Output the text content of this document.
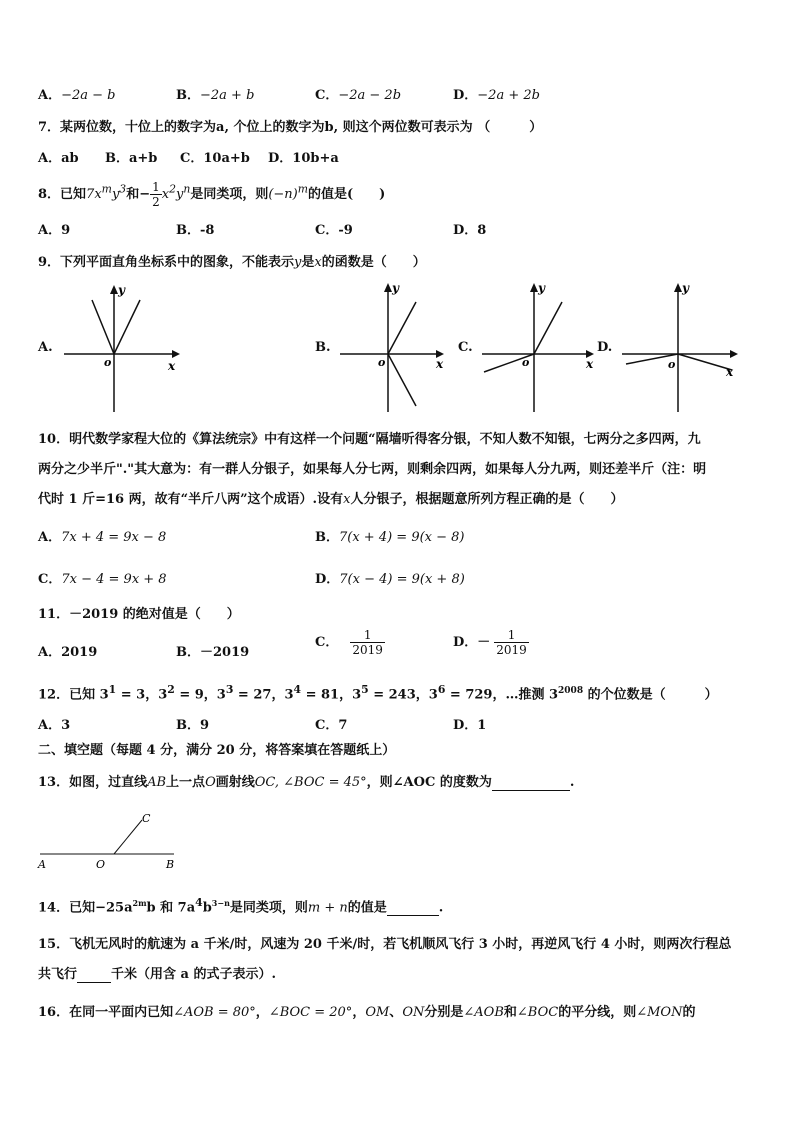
A．−2a − b	B．−2a + b	C．−2a − 2b	D．−2a + 2b
7．某两位数，十位上的数字为a, 个位上的数字为b, 则这个两位数可表示为 （　　　）
A．ab B．a+b C．10a+b D．10b+a
8．已知$7x^my^3$和− $\frac{1}{2} x^2y^n$是同类项，则$(-n)^m$的值是(　　)
A．9	B．-8	C．-9	D．8
9．下列平面直角坐标系中的图象，不能表示y是x的函数是（　　）
A.
y
x
o
B.
y
x
o
C.
y
x
o
D.
y
x
o
10．明代数学家程大位的《算法统宗》中有这样一个问题“隔墙听得客分银，不知人数不知银，七两分之多四两，九
两分之少半斤"."其大意为：有一群人分银子，如果每人分七两，则剩余四两，如果每人分九两，则还差半斤（注：明
代时 1 斤=16 两，故有“半斤八两”这个成语）.设有x人分银子，根据题意所列方程正确的是（　　）
A．7x + 4 = 9x − 8	B．7(x + 4) = 9(x − 8)
C．7x − 4 = 9x + 8	D．7(x − 4) = 9(x + 8)
11．－2019 的绝对值是（　　）
A．2019	B．－2019
C． $\frac{1}{2019}$	D．－ $\frac{1}{2019}$
12．已知 $3^1 = 3$，$3^2 = 9$，$3^3 = 27$，$3^4 = 81$，$3^5 = 243$，$3^6 = 729$，…推测 $3^{2008}$ 的个位数是（　　　）
A．3	B．9	C．7	D．1
二、填空题（每题 4 分，满分 20 分，将答案填在答题纸上）
13．如图，过直线AB上一点O画射线OC, ∠BOC = 45°，则∠AOC 的度数为	.
A	O	B
C
14．已知$-25a^{2m}b$ 和 $7a^4b^{3-n}$是同类项，则m + n的值是	.
15．飞机无风时的航速为 a 千米/时，风速为 20 千米/时，若飞机顺风飞行 3 小时，再逆风飞行 4 小时，则两次行程总
共飞行	千米（用含 a 的式子表示）.
16．在同一平面内已知∠AOB = 80°，∠BOC = 20°，OM、ON分别是∠AOB和∠BOC的平分线，则∠MON的
